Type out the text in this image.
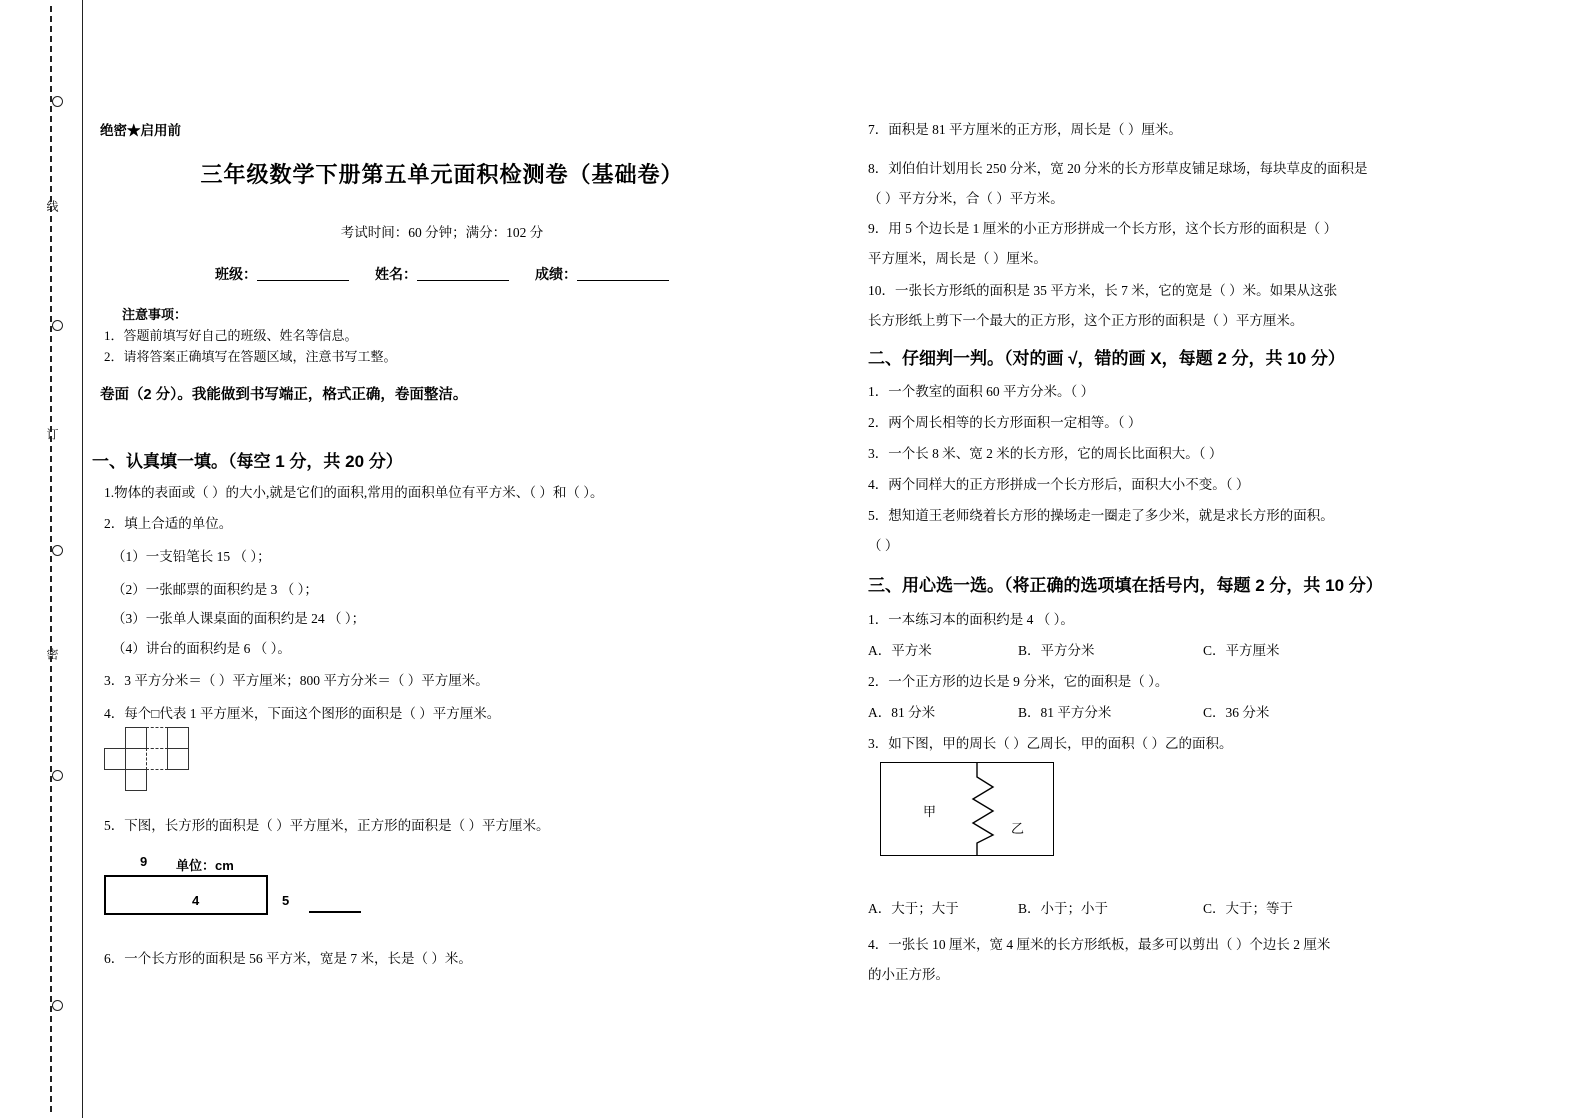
线
订
密
绝密★启用前
三年级数学下册第五单元面积检测卷（基础卷）
考试时间：60 分钟；满分：102 分
班级：	姓名：	成绩：
注意事项：
1．答题前填写好自己的班级、姓名等信息。
2．请将答案正确填写在答题区域，注意书写工整。
卷面（2 分）。我能做到书写端正，格式正确，卷面整洁。
一、认真填一填。（每空 1 分，共 20 分）
1.物体的表面或（ ）的大小,就是它们的面积,常用的面积单位有平方米、（ ）和（ ）。
2．填上合适的单位。
（1）一支铅笔长 15 （ ）；
（2）一张邮票的面积约是 3 （ ）；
（3）一张单人课桌面的面积约是 24 （ ）；
（4）讲台的面积约是 6 （ ）。
3．3 平方分米＝（ ）平方厘米；800 平方分米＝（ ）平方厘米。
4．每个□代表 1 平方厘米，下面这个图形的面积是（ ）平方厘米。
5．下图，长方形的面积是（ ）平方厘米，正方形的面积是（ ）平方厘米。
单位：cm
9
4	5
6．一个长方形的面积是 56 平方米，宽是 7 米，长是（ ）米。
7．面积是 81 平方厘米的正方形，周长是（ ）厘米。
8．刘伯伯计划用长 250 分米，宽 20 分米的长方形草皮铺足球场，每块草皮的面积是
（ ）平方分米，合（ ）平方米。
9．用 5 个边长是 1 厘米的小正方形拼成一个长方形，这个长方形的面积是（ ）
平方厘米，周长是（ ）厘米。
10．一张长方形纸的面积是 35 平方米，长 7 米，它的宽是（ ）米。如果从这张
长方形纸上剪下一个最大的正方形，这个正方形的面积是（ ）平方厘米。
二、仔细判一判。（对的画 √，错的画 X，每题 2 分，共 10 分）
1．一个教室的面积 60 平方分米。（ ）
2．两个周长相等的长方形面积一定相等。（ ）
3．一个长 8 米、宽 2 米的长方形，它的周长比面积大。（ ）
4．两个同样大的正方形拼成一个长方形后，面积大小不变。（ ）
5．想知道王老师绕着长方形的操场走一圈走了多少米，就是求长方形的面积。
（ ）
三、用心选一选。（将正确的选项填在括号内，每题 2 分，共 10 分）
1．一本练习本的面积约是 4 （ ）。
A．平方米	B．平方分米	C．平方厘米
2．一个正方形的边长是 9 分米，它的面积是（ ）。
A．81 分米	B．81 平方分米	C．36 分米
3．如下图，甲的周长（ ）乙周长，甲的面积（ ）乙的面积。
甲
乙
A．大于；大于	B．小于；小于	C．大于；等于
4．一张长 10 厘米，宽 4 厘米的长方形纸板，最多可以剪出（ ）个边长 2 厘米
的小正方形。
